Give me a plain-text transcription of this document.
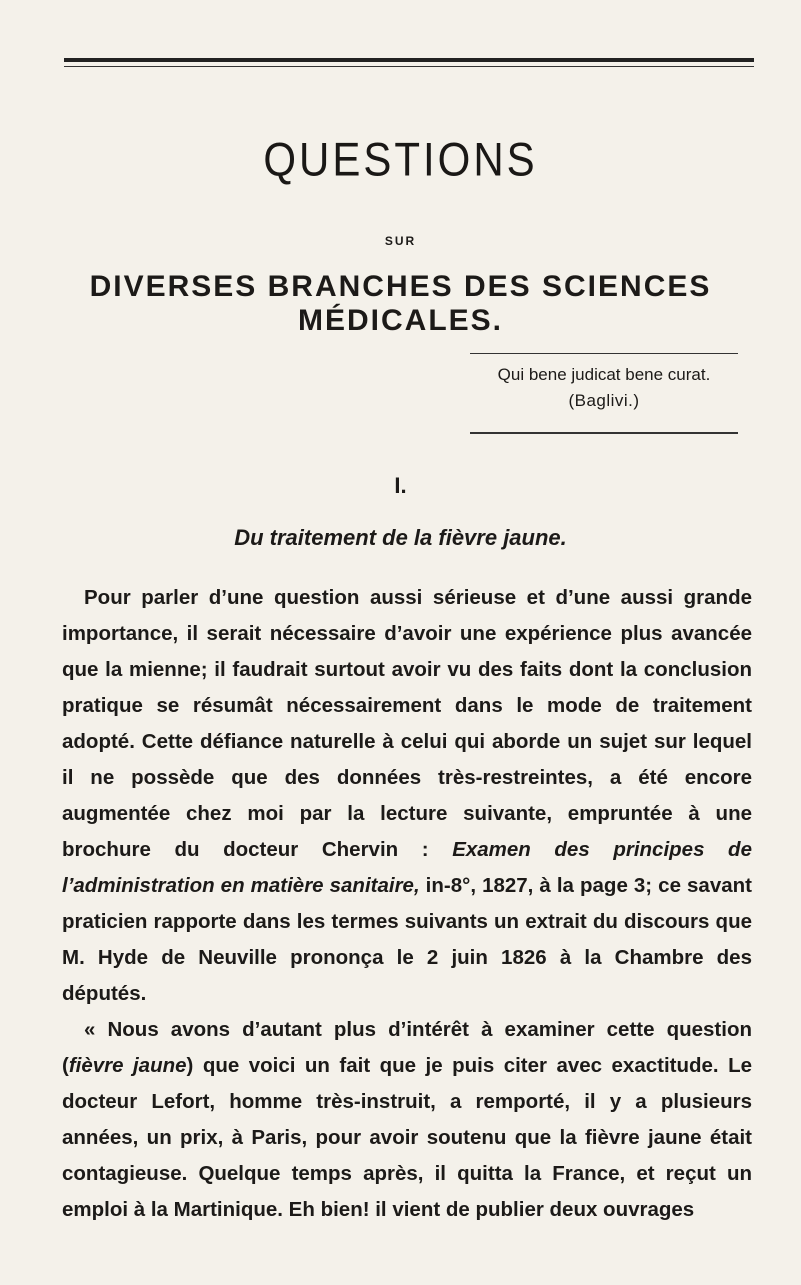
QUESTIONS
SUR
DIVERSES BRANCHES DES SCIENCES MÉDICALES.
Qui bene judicat bene curat.
(Baglivi.)
I.
Du traitement de la fièvre jaune.

Pour parler d’une question aussi sérieuse et d’une aussi grande importance, il serait nécessaire d’avoir une expérience plus avancée que la mienne; il faudrait surtout avoir vu des faits dont la conclusion pratique se résumât nécessairement dans le mode de traitement adopté. Cette défiance naturelle à celui qui aborde un sujet sur lequel il ne possède que des données très-restreintes, a été encore augmentée chez moi par la lecture suivante, empruntée à une brochure du docteur Chervin : Examen des principes de l’administration en matière sanitaire, in-8°, 1827, à la page 3; ce savant praticien rapporte dans les termes suivants un extrait du discours que M. Hyde de Neuville prononça le 2 juin 1826 à la Chambre des députés.

« Nous avons d’autant plus d’intérêt à examiner cette question (fièvre jaune) que voici un fait que je puis citer avec exactitude. Le docteur Lefort, homme très-instruit, a remporté, il y a plusieurs années, un prix, à Paris, pour avoir soutenu que la fièvre jaune était contagieuse. Quelque temps après, il quitta la France, et reçut un emploi à la Martinique. Eh bien! il vient de publier deux ouvrages
